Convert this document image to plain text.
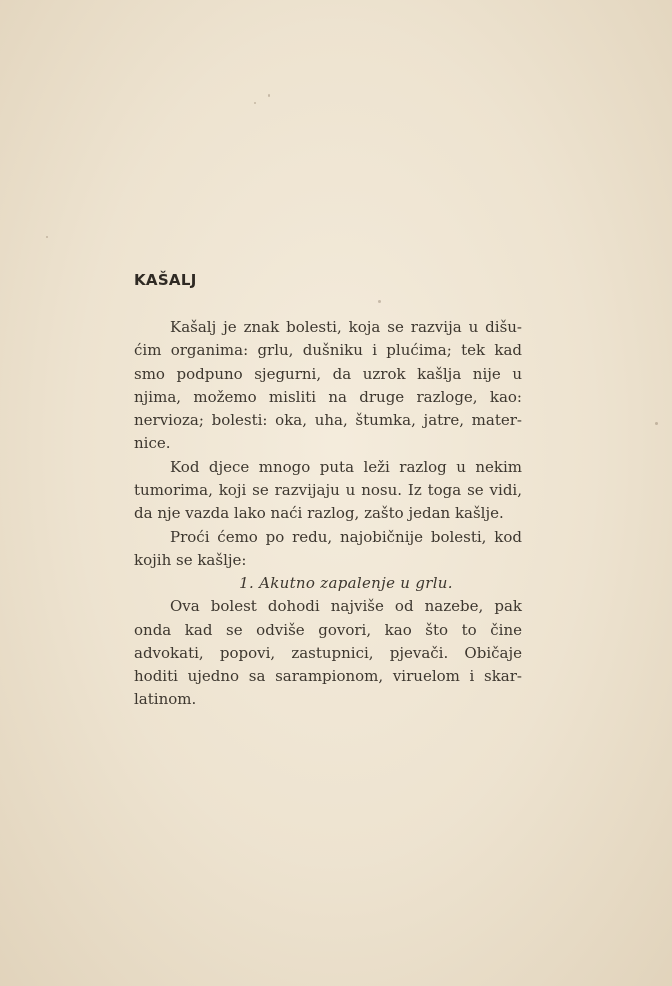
KAŠALJ

Kašalj je znak bolesti, koja se razvija u dišu-ćim organima: grlu, dušniku i plućima; tek kad smo podpuno sjegurni, da uzrok kašlja nije u njima, možemo misliti na druge razloge, kao: nervioza; bolesti: oka, uha, štumka, jatre, mater-nice.

Kod djece mnogo puta leži razlog u nekim tumorima, koji se razvijaju u nosu. Iz toga se vidi, da nje vazda lako naći razlog, zašto jedan kašlje.

Proći ćemo po redu, najobičnije bolesti, kod kojih se kašlje:

1. Akutno zapalenje u grlu.

Ova bolest dohodi najviše od nazebe, pak onda kad se odviše govori, kao što to čine advokati, popovi, zastupnici, pjevači. Običaje hoditi ujedno sa sarampionom, viruelom i skar-latinom.
